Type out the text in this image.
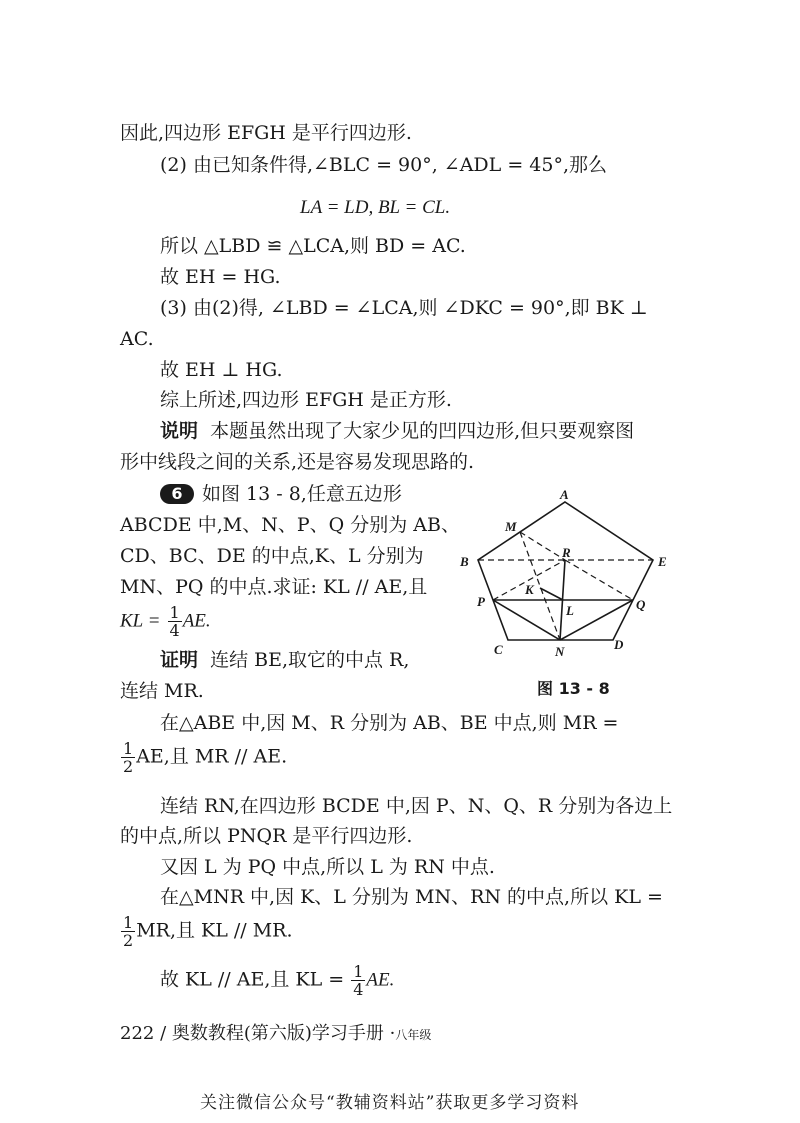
因此,四边形 EFGH 是平行四边形.
(2) 由已知条件得,∠BLC = 90°, ∠ADL = 45°,那么
LA = LD, BL = CL.
所以 △LBD ≌ △LCA,则 BD = AC.
故 EH = HG.
(3) 由(2)得, ∠LBD = ∠LCA,则 ∠DKC = 90°,即 BK ⊥
AC.
故 EH ⊥ HG.
综上所述,四边形 EFGH 是正方形.
说明 本题虽然出现了大家少见的凹四边形,但只要观察图
形中线段之间的关系,还是容易发现思路的.
6 如图 13 - 8,任意五边形
ABCDE 中,M、N、P、Q 分别为 AB、
CD、BC、DE 的中点,K、L 分别为
MN、PQ 的中点.求证: KL // AE,且
KL = $\frac{1}{4}$ AE.
证明 连结 BE,取它的中点 R,
连结 MR.
在△ABE 中,因 M、R 分别为 AB、BE 中点,则 MR =
$\frac{1}{2}$ AE,且 MR // AE.
连结 RN,在四边形 BCDE 中,因 P、N、Q、R 分别为各边上
的中点,所以 PNQR 是平行四边形.
又因 L 为 PQ 中点,所以 L 为 RN 中点.
在△MNR 中,因 K、L 分别为 MN、RN 的中点,所以 KL =
$\frac{1}{2}$ MR,且 KL // MR.
故 KL // AE,且 KL = $\frac{1}{4}$ AE.
A
M
R
B	E
K
P
L	Q
C	N	D
图 13 - 8
222 / 奥数教程(第六版)学习手册 ·八年级
关注微信公众号“教辅资料站”获取更多学习资料
